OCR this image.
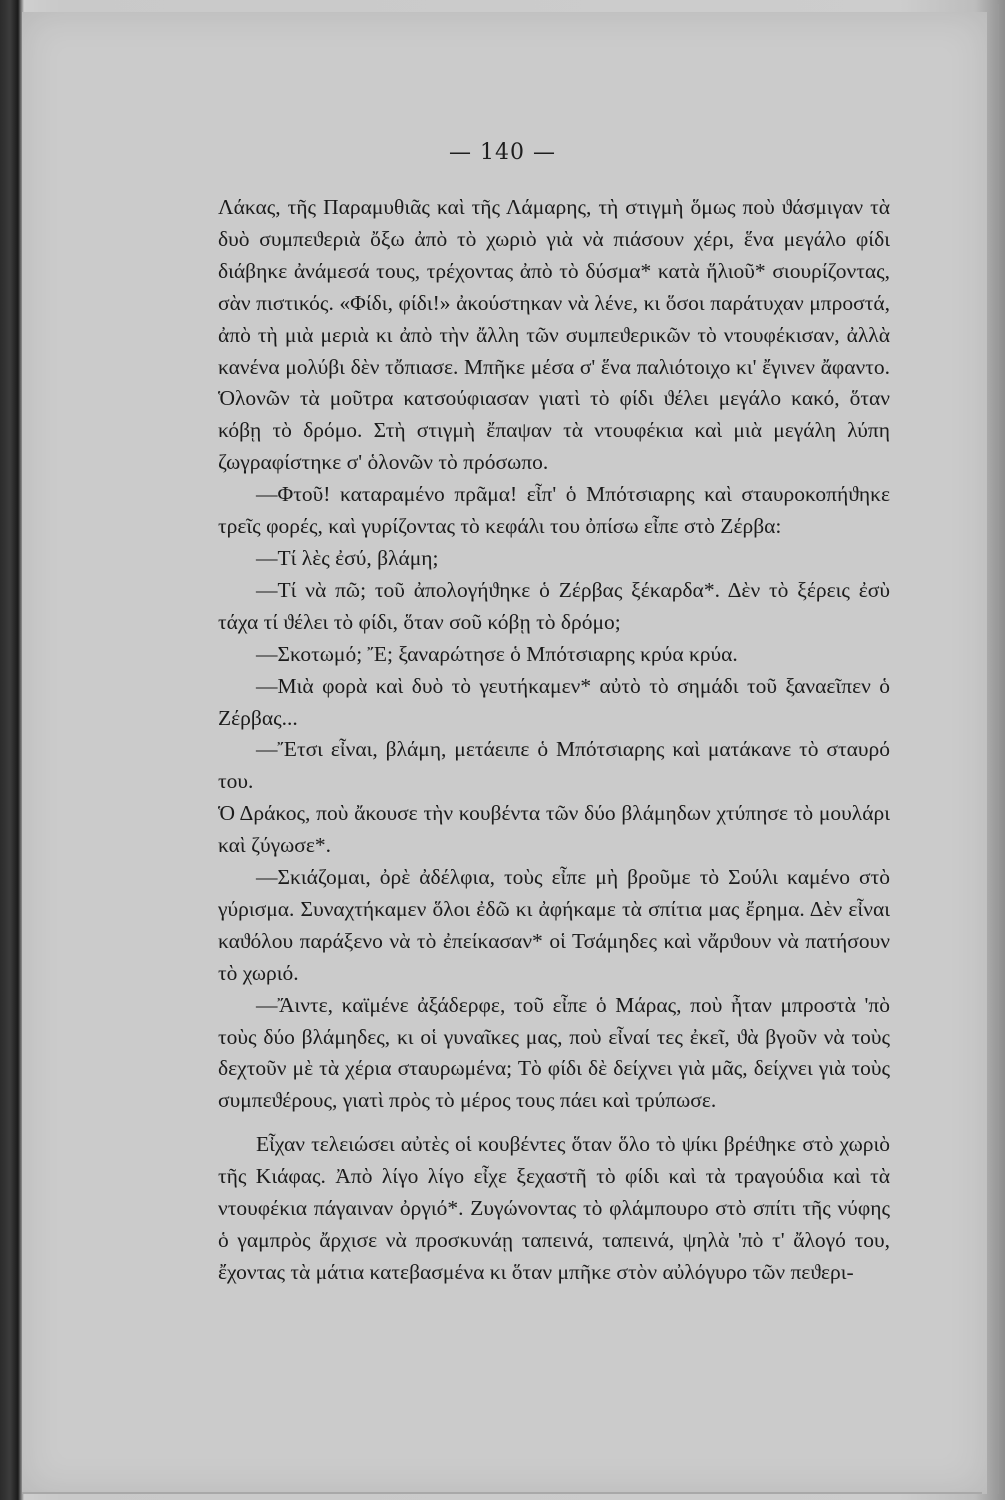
— 140 —

Λάκας, τῆς Παραμυθιᾶς καὶ τῆς Λάμαρης, τὴ στιγμὴ ὅμως ποὺ ϑάσμιγαν τὰ δυὸ συμπεϑεριὰ ὄξω ἀπὸ τὸ χωριὸ γιὰ νὰ πιάσουν χέρι, ἕνα μεγάλο φίδι διάβηκε ἀνάμεσά τους, τρέχοντας ἀπὸ τὸ δύσμα* κατὰ ἥλιοῦ* σιουρίζοντας, σὰν πιστικός. «Φίδι, φίδι!» ἀκούστηκαν νὰ λένε, κι ὅσοι παράτυχαν μπροστά, ἀπὸ τὴ μιὰ μεριὰ κι ἀπὸ τὴν ἄλλη τῶν συμπεϑερικῶν τὸ ντουφέκισαν, ἀλλὰ κανένα μολύβι δὲν τὄπιασε. Μπῆκε μέσα σ' ἕνα παλιότοιχο κι' ἔγινεν ἄφαντο. Ὁλονῶν τὰ μοῦτρα κατσούφιασαν γιατὶ τὸ φίδι ϑέλει μεγάλο κακό, ὅταν κόβῃ τὸ δρόμο. Στὴ στιγμὴ ἔπαψαν τὰ ντουφέκια καὶ μιὰ μεγάλη λύπη ζωγραφίστηκε σ' ὁλονῶν τὸ πρόσωπο.

—Φτοῦ! καταραμένο πρᾶμα! εἶπ' ὁ Μπότσιαρης καὶ σταυροκοπήϑηκε τρεῖς φορές, καὶ γυρίζοντας τὸ κεφάλι του ὀπίσω εἶπε στὸ Ζέρβα:

—Τί λὲς ἐσύ, βλάμη;

—Τί νὰ πῶ; τοῦ ἀπολογήϑηκε ὁ Ζέρβας ξέκαρδα*. Δὲν τὸ ξέρεις ἐσὺ τάχα τί ϑέλει τὸ φίδι, ὅταν σοῦ κόβῃ τὸ δρόμο;

—Σκοτωμό; Ἔ; ξαναρώτησε ὁ Μπότσιαρης κρύα κρύα.

—Μιὰ φορὰ καὶ δυὸ τὸ γευτήκαμεν* αὐτὸ τὸ σημάδι τοῦ ξαναεῖπεν ὁ Ζέρβας...

—Ἔτσι εἶναι, βλάμη, μετάειπε ὁ Μπότσιαρης καὶ ματάκανε τὸ σταυρό του.

Ὁ Δράκος, ποὺ ἄκουσε τὴν κουβέντα τῶν δύο βλάμηδων χτύπησε τὸ μουλάρι καὶ ζύγωσε*.

—Σκιάζομαι, ὀρὲ ἀδέλφια, τοὺς εἶπε μὴ βροῦμε τὸ Σούλι καμένο στὸ γύρισμα. Συναχτήκαμεν ὅλοι ἐδῶ κι ἀφήκαμε τὰ σπίτια μας ἔρημα. Δὲν εἶναι καϑόλου παράξενο νὰ τὸ ἐπείκασαν* οἱ Τσάμηδες καὶ νἄρϑουν νὰ πατήσουν τὸ χωριό.

—Ἄιντε, καϊμένε ἀξάδερφε, τοῦ εἶπε ὁ Μάρας, ποὺ ἦταν μπροστὰ 'πὸ τοὺς δύο βλάμηδες, κι οἱ γυναῖκες μας, ποὺ εἶναί τες ἐκεῖ, ϑὰ βγοῦν νὰ τοὺς δεχτοῦν μὲ τὰ χέρια σταυρωμένα; Τὸ φίδι δὲ δείχνει γιὰ μᾶς, δείχνει γιὰ τοὺς συμπεϑέρους, γιατὶ πρὸς τὸ μέρος τους πάει καὶ τρύπωσε.

Εἶχαν τελειώσει αὐτὲς οἱ κουβέντες ὅταν ὅλο τὸ ψίκι βρέϑηκε στὸ χωριὸ τῆς Κιάφας. Ἀπὸ λίγο λίγο εἶχε ξεχαστῆ τὸ φίδι καὶ τὰ τραγούδια καὶ τὰ ντουφέκια πάγαιναν ὀργιό*. Ζυγώνοντας τὸ φλάμπουρο στὸ σπίτι τῆς νύφης ὁ γαμπρὸς ἄρχισε νὰ προσκυνάῃ ταπεινά, ταπεινά, ψηλὰ 'πὸ τ' ἄλογό του, ἔχοντας τὰ μάτια κατεβασμένα κι ὅταν μπῆκε στὸν αὐλόγυρο τῶν πεϑερι-
